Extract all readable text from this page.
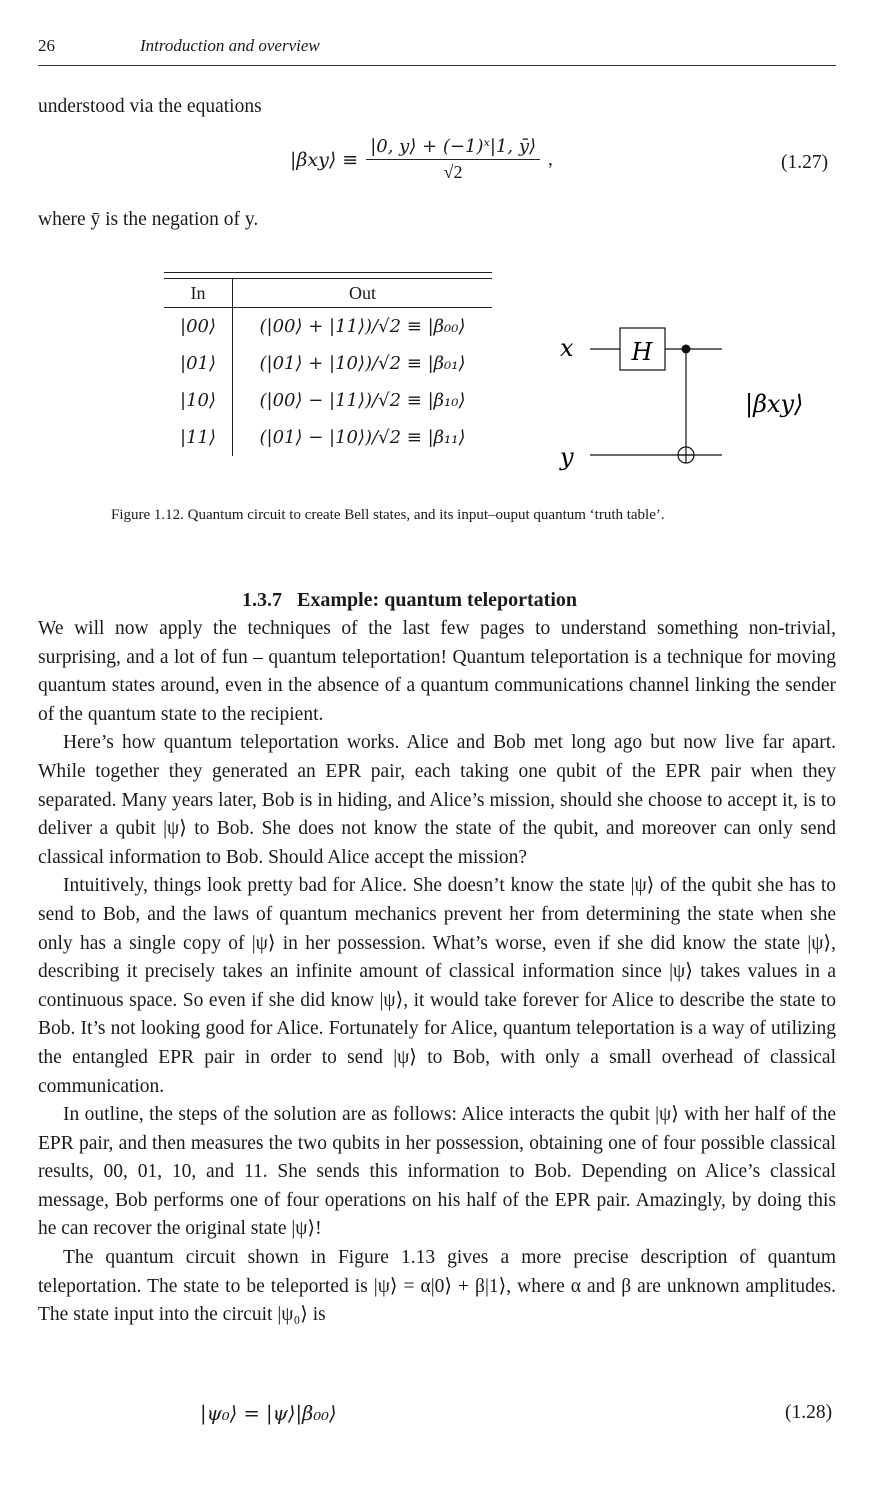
26	Introduction and overview
understood via the equations
|βxy⟩ ≡ $\frac{\text{|0, y⟩ + (−1)ˣ|1, ȳ⟩}}{√2}$ ,	(1.27)
where ȳ is the negation of y.
In	Out
|00⟩	(|00⟩ + |11⟩)/√2 ≡ |β₀₀⟩
|01⟩	(|01⟩ + |10⟩)/√2 ≡ |β₀₁⟩
|10⟩	(|00⟩ − |11⟩)/√2 ≡ |β₁₀⟩
|11⟩	(|01⟩ − |10⟩)/√2 ≡ |β₁₁⟩
x
y
H
|βxy⟩
Figure 1.12. Quantum circuit to create Bell states, and its input–ouput quantum ‘truth table’.
1.3.7 Example: quantum teleportation

We will now apply the techniques of the last few pages to understand something non-trivial, surprising, and a lot of fun – quantum teleportation! Quantum teleportation is a technique for moving quantum states around, even in the absence of a quantum communications channel linking the sender of the quantum state to the recipient.

Here’s how quantum teleportation works. Alice and Bob met long ago but now live far apart. While together they generated an EPR pair, each taking one qubit of the EPR pair when they separated. Many years later, Bob is in hiding, and Alice’s mission, should she choose to accept it, is to deliver a qubit |ψ⟩ to Bob. She does not know the state of the qubit, and moreover can only send classical information to Bob. Should Alice accept the mission?

Intuitively, things look pretty bad for Alice. She doesn’t know the state |ψ⟩ of the qubit she has to send to Bob, and the laws of quantum mechanics prevent her from determining the state when she only has a single copy of |ψ⟩ in her possession. What’s worse, even if she did know the state |ψ⟩, describing it precisely takes an infinite amount of classical information since |ψ⟩ takes values in a continuous space. So even if she did know |ψ⟩, it would take forever for Alice to describe the state to Bob. It’s not looking good for Alice. Fortunately for Alice, quantum teleportation is a way of utilizing the entangled EPR pair in order to send |ψ⟩ to Bob, with only a small overhead of classical communication.

In outline, the steps of the solution are as follows: Alice interacts the qubit |ψ⟩ with her half of the EPR pair, and then measures the two qubits in her possession, obtaining one of four possible classical results, 00, 01, 10, and 11. She sends this information to Bob. Depending on Alice’s classical message, Bob performs one of four operations on his half of the EPR pair. Amazingly, by doing this he can recover the original state |ψ⟩!

The quantum circuit shown in Figure 1.13 gives a more precise description of quantum teleportation. The state to be teleported is |ψ⟩ = α|0⟩ + β|1⟩, where α and β are unknown amplitudes. The state input into the circuit |ψ₀⟩ is

|ψ₀⟩ = |ψ⟩|β₀₀⟩	(1.28)
